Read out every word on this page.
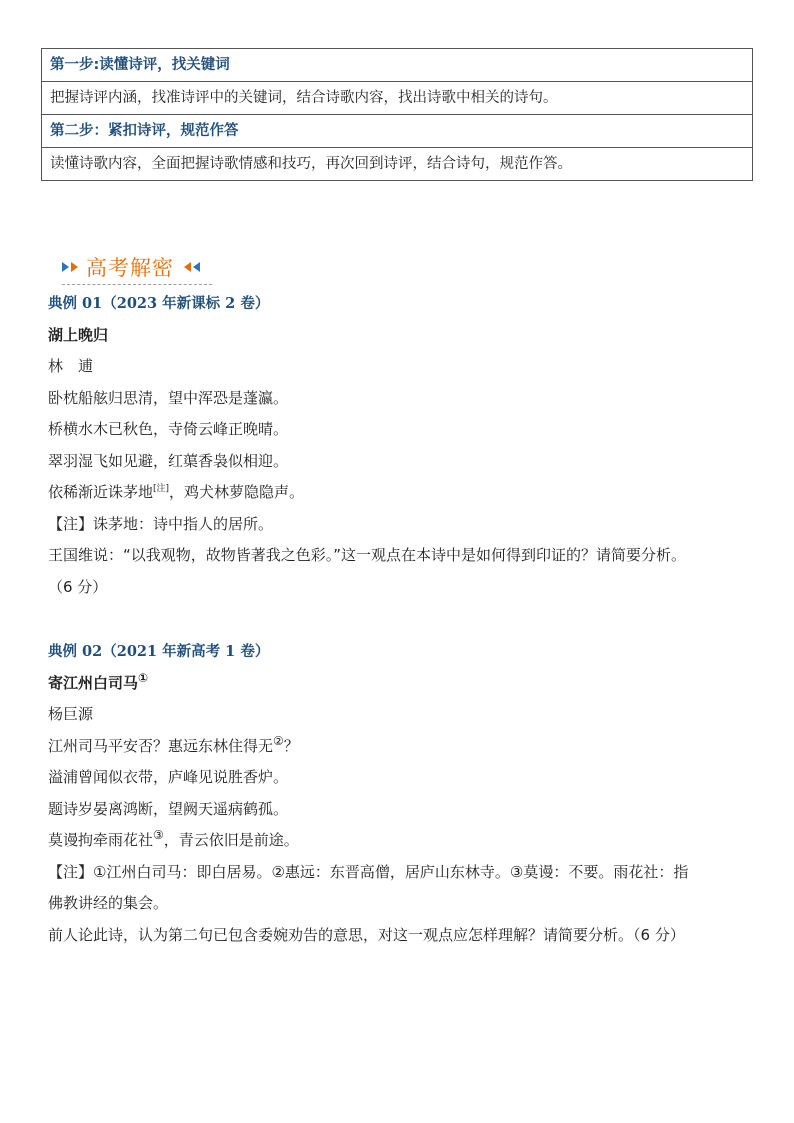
第一步:读懂诗评，找关键词
把握诗评内涵，找准诗评中的关键词，结合诗歌内容，找出诗歌中相关的诗句。
第二步：紧扣诗评，规范作答
读懂诗歌内容，全面把握诗歌情感和技巧，再次回到诗评，结合诗句，规范作答。
高考解密
典例 01（2023 年新课标 2 卷）
湖上晚归
林　逋
卧枕船舷归思清，望中浑恐是蓬瀛。
桥横水木已秋色，寺倚云峰正晚晴。
翠羽湿飞如见避，红蕖香袅似相迎。
依稀渐近诛茅地[注]，鸡犬林萝隐隐声。
【注】诛茅地：诗中指人的居所。
王国维说：“以我观物，故物皆著我之色彩。”这一观点在本诗中是如何得到印证的？请简要分析。
（6 分）
典例 02（2021 年新高考 1 卷）
寄江州白司马①
杨巨源
江州司马平安否？惠远东林住得无②？
溢浦曾闻似衣带，庐峰见说胜香炉。
题诗岁晏离鸿断，望阙天遥病鹤孤。
莫谩拘牵雨花社③，青云依旧是前途。
【注】①江州白司马：即白居易。②惠远：东晋高僧，居庐山东林寺。③莫谩：不要。雨花社：指
佛教讲经的集会。
前人论此诗，认为第二句已包含委婉劝告的意思，对这一观点应怎样理解？请简要分析。（6 分）
